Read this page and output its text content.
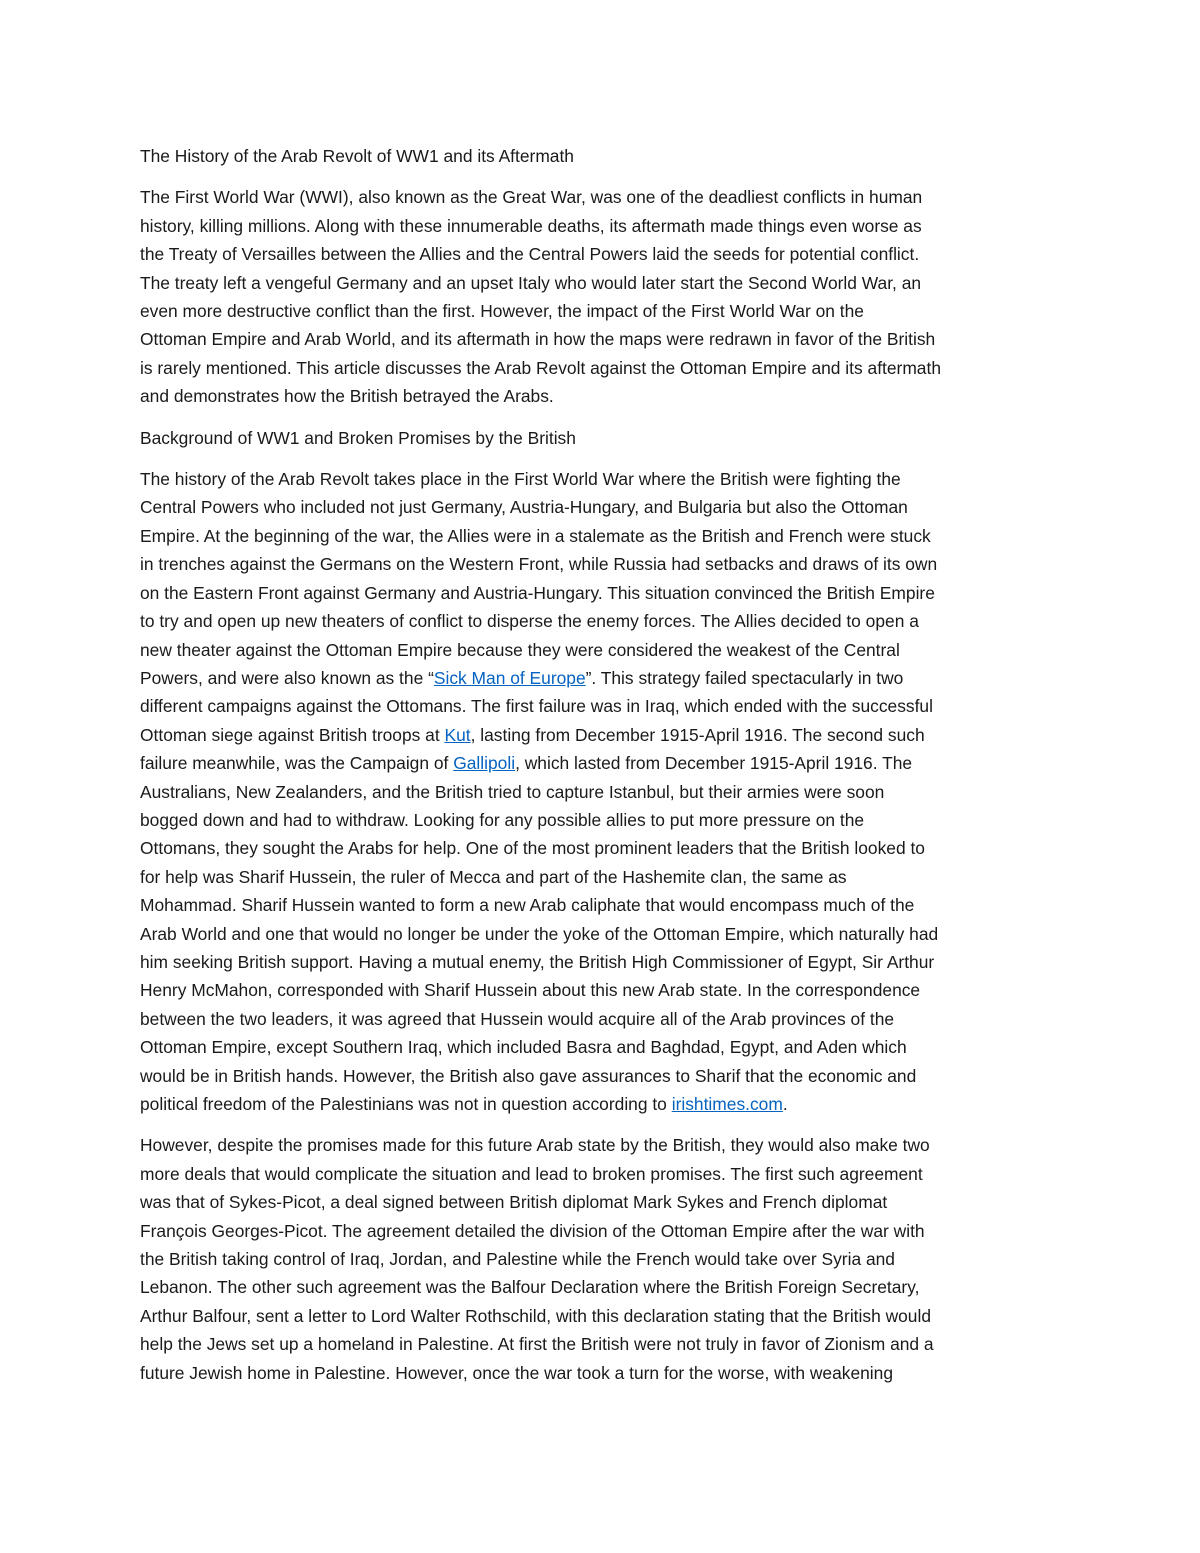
The History of the Arab Revolt of WW1 and its Aftermath
The First World War (WWI), also known as the Great War, was one of the deadliest conflicts in human
history, killing millions. Along with these innumerable deaths, its aftermath made things even worse as
the Treaty of Versailles between the Allies and the Central Powers laid the seeds for potential conflict.
The treaty left a vengeful Germany and an upset Italy who would later start the Second World War, an
even more destructive conflict than the first. However, the impact of the First World War on the
Ottoman Empire and Arab World, and its aftermath in how the maps were redrawn in favor of the British
is rarely mentioned. This article discusses the Arab Revolt against the Ottoman Empire and its aftermath
and demonstrates how the British betrayed the Arabs.
Background of WW1 and Broken Promises by the British
The history of the Arab Revolt takes place in the First World War where the British were fighting the
Central Powers who included not just Germany, Austria-Hungary, and Bulgaria but also the Ottoman
Empire. At the beginning of the war, the Allies were in a stalemate as the British and French were stuck
in trenches against the Germans on the Western Front, while Russia had setbacks and draws of its own
on the Eastern Front against Germany and Austria-Hungary. This situation convinced the British Empire
to try and open up new theaters of conflict to disperse the enemy forces. The Allies decided to open a
new theater against the Ottoman Empire because they were considered the weakest of the Central
Powers, and were also known as the “Sick Man of Europe”. This strategy failed spectacularly in two
different campaigns against the Ottomans. The first failure was in Iraq, which ended with the successful
Ottoman siege against British troops at Kut, lasting from December 1915-April 1916. The second such
failure meanwhile, was the Campaign of Gallipoli, which lasted from December 1915-April 1916. The
Australians, New Zealanders, and the British tried to capture Istanbul, but their armies were soon
bogged down and had to withdraw. Looking for any possible allies to put more pressure on the
Ottomans, they sought the Arabs for help. One of the most prominent leaders that the British looked to
for help was Sharif Hussein, the ruler of Mecca and part of the Hashemite clan, the same as
Mohammad. Sharif Hussein wanted to form a new Arab caliphate that would encompass much of the
Arab World and one that would no longer be under the yoke of the Ottoman Empire, which naturally had
him seeking British support. Having a mutual enemy, the British High Commissioner of Egypt, Sir Arthur
Henry McMahon, corresponded with Sharif Hussein about this new Arab state. In the correspondence
between the two leaders, it was agreed that Hussein would acquire all of the Arab provinces of the
Ottoman Empire, except Southern Iraq, which included Basra and Baghdad, Egypt, and Aden which
would be in British hands. However, the British also gave assurances to Sharif that the economic and
political freedom of the Palestinians was not in question according to irishtimes.com.
However, despite the promises made for this future Arab state by the British, they would also make two
more deals that would complicate the situation and lead to broken promises. The first such agreement
was that of Sykes-Picot, a deal signed between British diplomat Mark Sykes and French diplomat
François Georges-Picot. The agreement detailed the division of the Ottoman Empire after the war with
the British taking control of Iraq, Jordan, and Palestine while the French would take over Syria and
Lebanon. The other such agreement was the Balfour Declaration where the British Foreign Secretary,
Arthur Balfour, sent a letter to Lord Walter Rothschild, with this declaration stating that the British would
help the Jews set up a homeland in Palestine. At first the British were not truly in favor of Zionism and a
future Jewish home in Palestine. However, once the war took a turn for the worse, with weakening
